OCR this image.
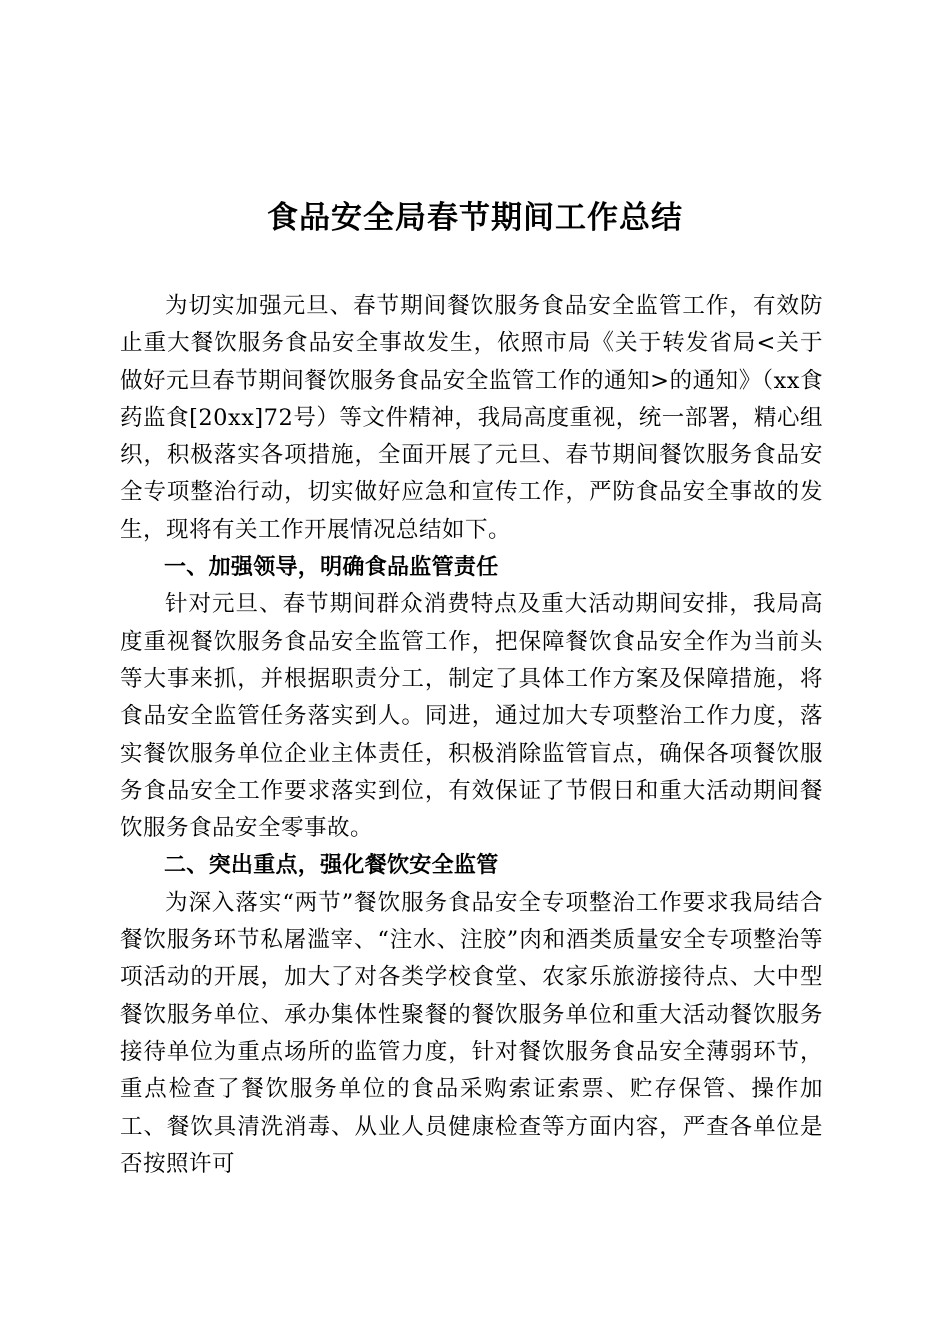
食品安全局春节期间工作总结

为切实加强元旦、春节期间餐饮服务食品安全监管工作，有效防止重大餐饮服务食品安全事故发生，依照市局《关于转发省局<关于做好元旦春节期间餐饮服务食品安全监管工作的通知>的通知》（xx食药监食[20xx]72号）等文件精神，我局高度重视，统一部署，精心组织，积极落实各项措施，全面开展了元旦、春节期间餐饮服务食品安全专项整治行动，切实做好应急和宣传工作，严防食品安全事故的发生，现将有关工作开展情况总结如下。

一、加强领导，明确食品监管责任

针对元旦、春节期间群众消费特点及重大活动期间安排，我局高度重视餐饮服务食品安全监管工作，把保障餐饮食品安全作为当前头等大事来抓，并根据职责分工，制定了具体工作方案及保障措施，将食品安全监管任务落实到人。同进，通过加大专项整治工作力度，落实餐饮服务单位企业主体责任，积极消除监管盲点，确保各项餐饮服务食品安全工作要求落实到位，有效保证了节假日和重大活动期间餐饮服务食品安全零事故。

二、突出重点，强化餐饮安全监管

为深入落实“两节”餐饮服务食品安全专项整治工作要求我局结合餐饮服务环节私屠滥宰、“注水、注胶”肉和酒类质量安全专项整治等项活动的开展，加大了对各类学校食堂、农家乐旅游接待点、大中型餐饮服务单位、承办集体性聚餐的餐饮服务单位和重大活动餐饮服务接待单位为重点场所的监管力度，针对餐饮服务食品安全薄弱环节，重点检查了餐饮服务单位的食品采购索证索票、贮存保管、操作加工、餐饮具清洗消毒、从业人员健康检查等方面内容，严查各单位是否按照许可
